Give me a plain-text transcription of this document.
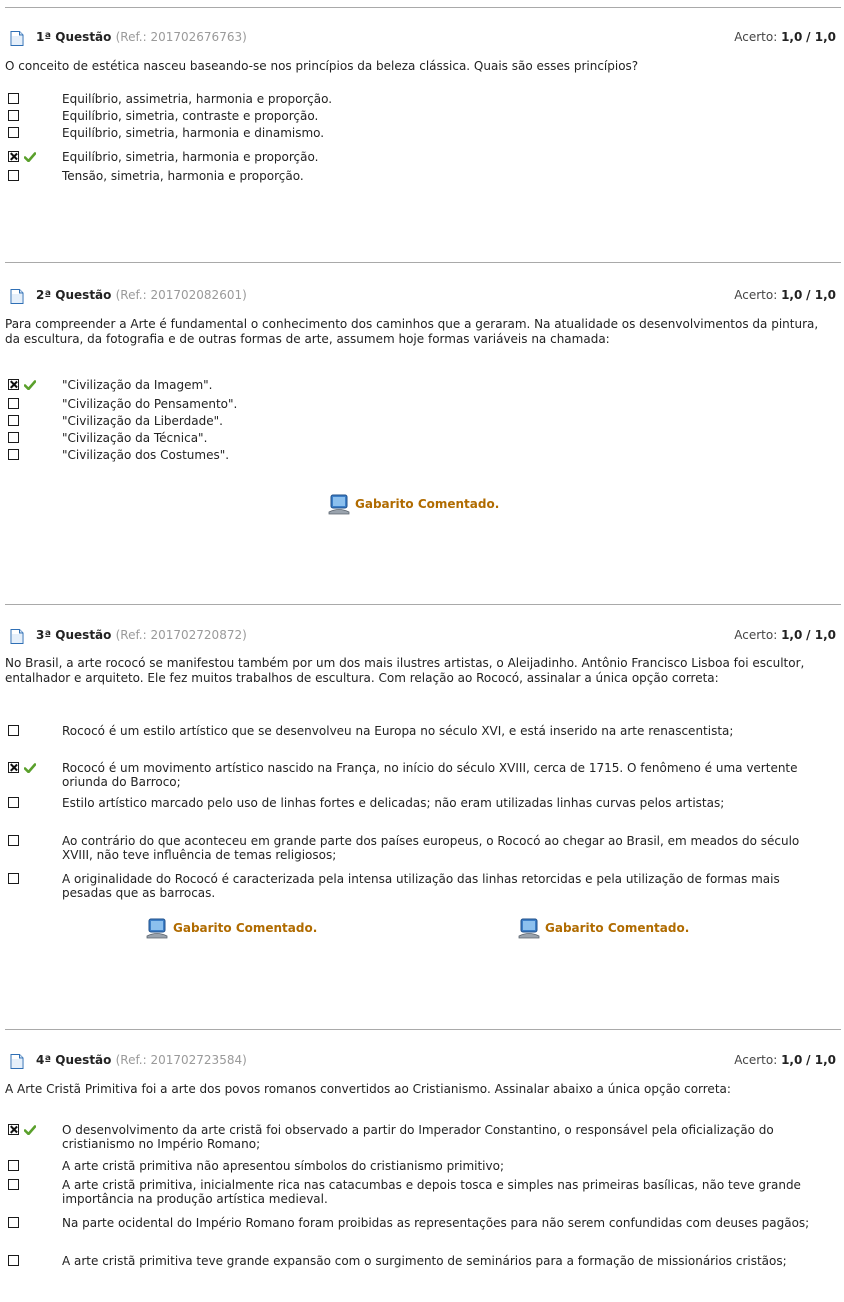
1ª Questão (Ref.: 201702676763)	Acerto: 1,0 / 1,0
O conceito de estética nasceu baseando-se nos princípios da beleza clássica. Quais são esses princípios?
Equilíbrio, assimetria, harmonia e proporção.
Equilíbrio, simetria, contraste e proporção.
Equilíbrio, simetria, harmonia e dinamismo.
Equilíbrio, simetria, harmonia e proporção.
Tensão, simetria, harmonia e proporção.
2ª Questão (Ref.: 201702082601)	Acerto: 1,0 / 1,0
Para compreender a Arte é fundamental o conhecimento dos caminhos que a geraram. Na atualidade os desenvolvimentos da pintura, da escultura, da fotografia e de outras formas de arte, assumem hoje formas variáveis na chamada:
"Civilização da Imagem".
"Civilização do Pensamento".
"Civilização da Liberdade".
"Civilização da Técnica".
"Civilização dos Costumes".
Gabarito Comentado.
3ª Questão (Ref.: 201702720872)	Acerto: 1,0 / 1,0
No Brasil, a arte rococó se manifestou também por um dos mais ilustres artistas, o Aleijadinho. Antônio Francisco Lisboa foi escultor, entalhador e arquiteto. Ele fez muitos trabalhos de escultura. Com relação ao Rococó, assinalar a única opção correta:
Rococó é um estilo artístico que se desenvolveu na Europa no século XVI, e está inserido na arte renascentista;
Rococó é um movimento artístico nascido na França, no início do século XVIII, cerca de 1715. O fenômeno é uma vertente oriunda do Barroco;
Estilo artístico marcado pelo uso de linhas fortes e delicadas; não eram utilizadas linhas curvas pelos artistas;
Ao contrário do que aconteceu em grande parte dos países europeus, o Rococó ao chegar ao Brasil, em meados do século XVIII, não teve influência de temas religiosos;
A originalidade do Rococó é caracterizada pela intensa utilização das linhas retorcidas e pela utilização de formas mais pesadas que as barrocas.
Gabarito Comentado.	Gabarito Comentado.
4ª Questão (Ref.: 201702723584)	Acerto: 1,0 / 1,0
A Arte Cristã Primitiva foi a arte dos povos romanos convertidos ao Cristianismo. Assinalar abaixo a única opção correta:
O desenvolvimento da arte cristã foi observado a partir do Imperador Constantino, o responsável pela oficialização do cristianismo no Império Romano;
A arte cristã primitiva não apresentou símbolos do cristianismo primitivo;
A arte cristã primitiva, inicialmente rica nas catacumbas e depois tosca e simples nas primeiras basílicas, não teve grande importância na produção artística medieval.
Na parte ocidental do Império Romano foram proibidas as representações para não serem confundidas com deuses pagãos;
A arte cristã primitiva teve grande expansão com o surgimento de seminários para a formação de missionários cristãos;
